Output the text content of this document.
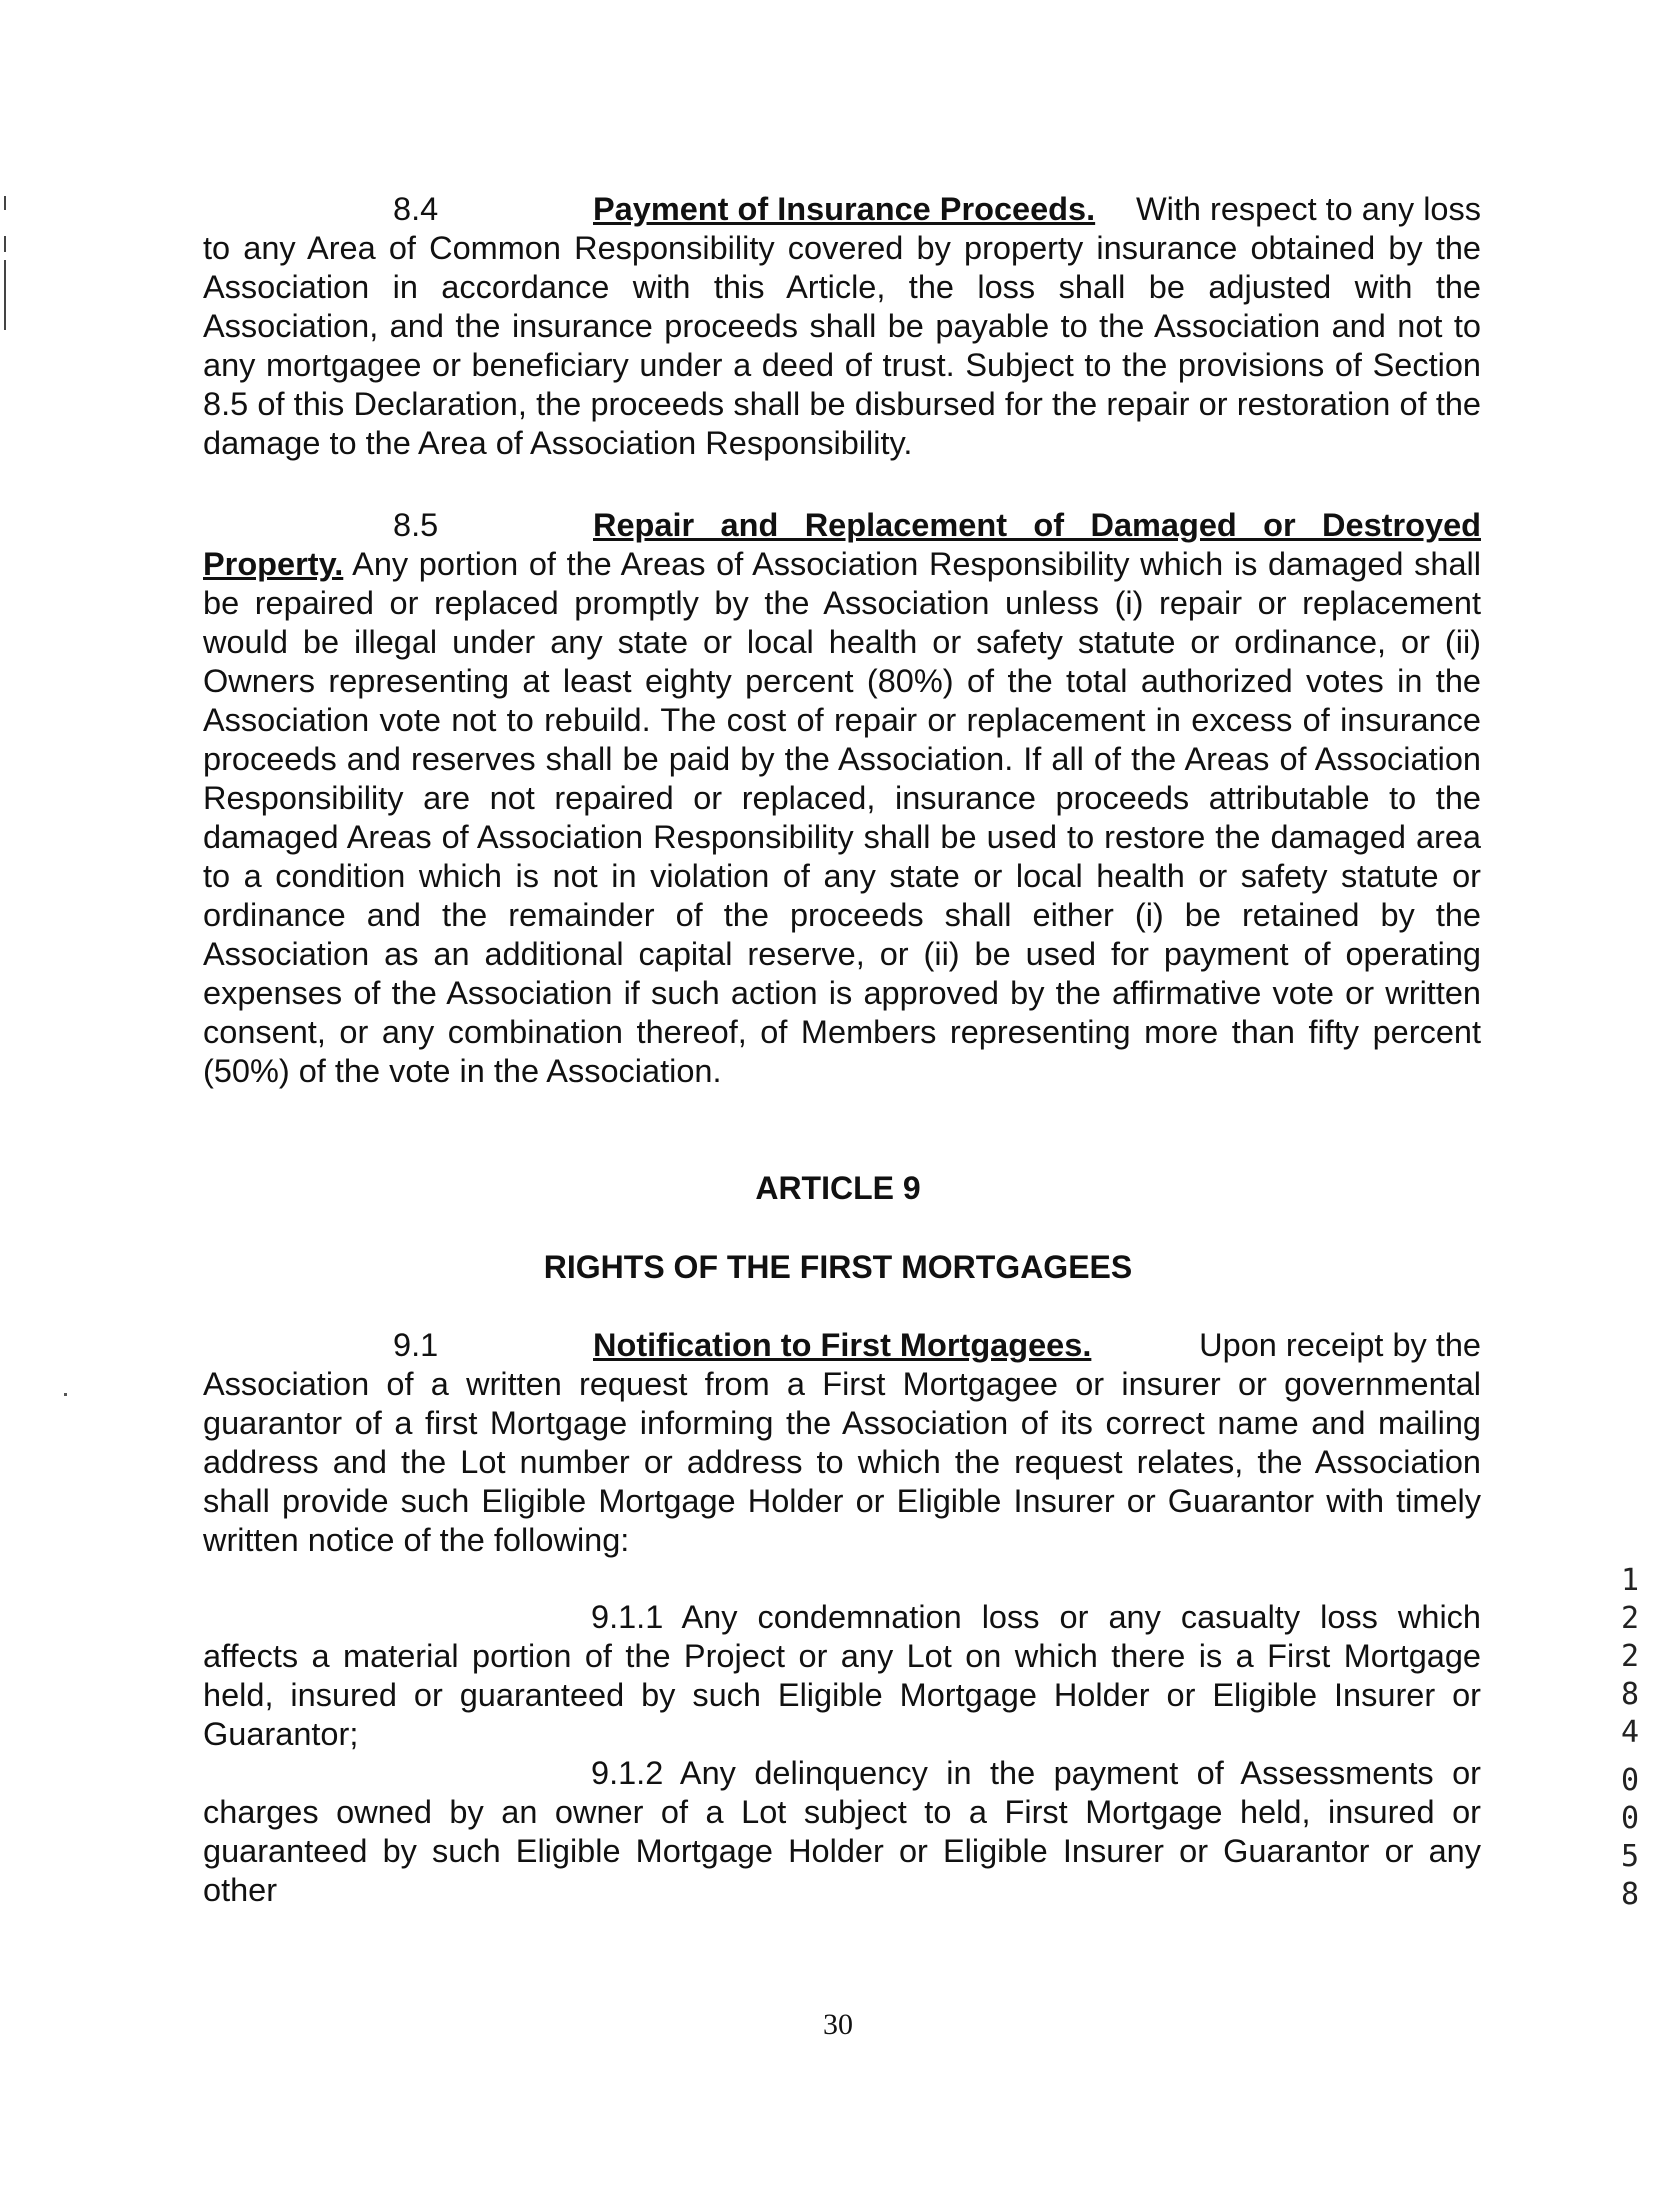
8.4	Payment of Insurance Proceeds. With respect to any loss
to any Area of Common Responsibility covered by property insurance obtained by the Association in accordance with this Article, the loss shall be adjusted with the Association, and the insurance proceeds shall be payable to the Association and not to any mortgagee or beneficiary under a deed of trust. Subject to the provisions of Section 8.5 of this Declaration, the proceeds shall be disbursed for the repair or restoration of the damage to the Area of Association Responsibility.
8.5	Repair and Replacement of Damaged or Destroyed
Property. Any portion of the Areas of Association Responsibility which is damaged shall be repaired or replaced promptly by the Association unless (i) repair or replacement would be illegal under any state or local health or safety statute or ordinance, or (ii) Owners representing at least eighty percent (80%) of the total authorized votes in the Association vote not to rebuild. The cost of repair or replacement in excess of insurance proceeds and reserves shall be paid by the Association. If all of the Areas of Association Responsibility are not repaired or replaced, insurance proceeds attributable to the damaged Areas of Association Responsibility shall be used to restore the damaged area to a condition which is not in violation of any state or local health or safety statute or ordinance and the remainder of the proceeds shall either (i) be retained by the Association as an additional capital reserve, or (ii) be used for payment of operating expenses of the Association if such action is approved by the affirmative vote or written consent, or any combination thereof, of Members representing more than fifty percent (50%) of the vote in the Association.
ARTICLE 9
RIGHTS OF THE FIRST MORTGAGEES
9.1	Notification to First Mortgagees.	Upon receipt by the
Association of a written request from a First Mortgagee or insurer or governmental guarantor of a first Mortgage informing the Association of its correct name and mailing address and the Lot number or address to which the request relates, the Association shall provide such Eligible Mortgage Holder or Eligible Insurer or Guarantor with timely written notice of the following:
9.1.1 Any condemnation loss or any casualty loss which affects a material portion of the Project or any Lot on which there is a First Mortgage held, insured or guaranteed by such Eligible Mortgage Holder or Eligible Insurer or Guarantor;
9.1.2 Any delinquency in the payment of Assessments or charges owned by an owner of a Lot subject to a First Mortgage held, insured or guaranteed by such Eligible Mortgage Holder or Eligible Insurer or Guarantor or any other
30
1
2
2
8
4
0
0
5
8
